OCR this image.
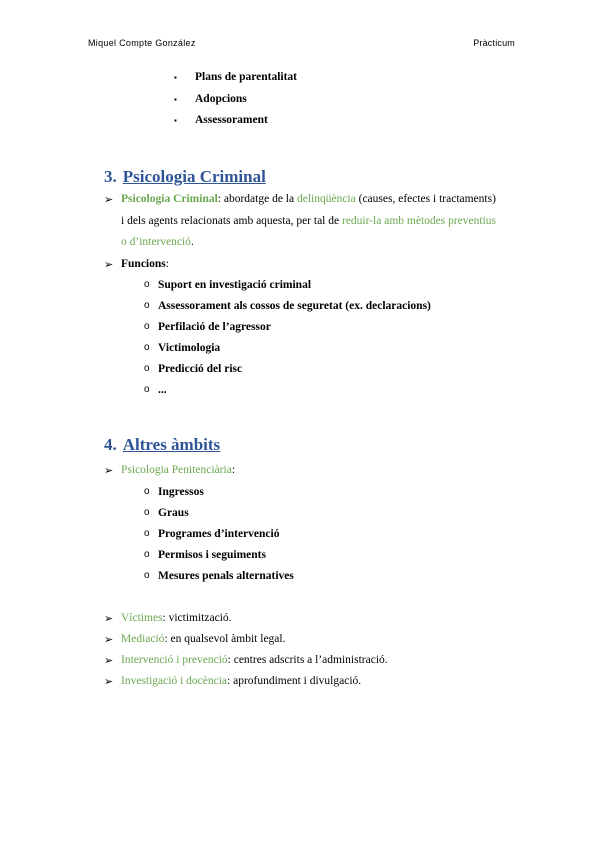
Miquel Compte González	Pràcticum
▪ Plans de parentalitat
▪ Adopcions
▪ Assessorament
3. Psicologia Criminal
➢ Psicologia Criminal: abordatge de la delinqüència (causes, efectes i tractaments)
i dels agents relacionats amb aquesta, per tal de reduir-la amb mètodes preventius
o d’intervenció.
➢ Funcions:
o Suport en investigació criminal
o Assessorament als cossos de seguretat (ex. declaracions)
o Perfilació de l’agressor
o Victimologia
o Predicció del risc
o ...
4. Altres àmbits
➢ Psicologia Penitenciària:
o Ingressos
o Graus
o Programes d’intervenció
o Permisos i seguiments
o Mesures penals alternatives
➢ Víctimes: victimització.
➢ Mediació: en qualsevol àmbit legal.
➢ Intervenció i prevenció: centres adscrits a l’administració.
➢ Investigació i docència: aprofundiment i divulgació.
